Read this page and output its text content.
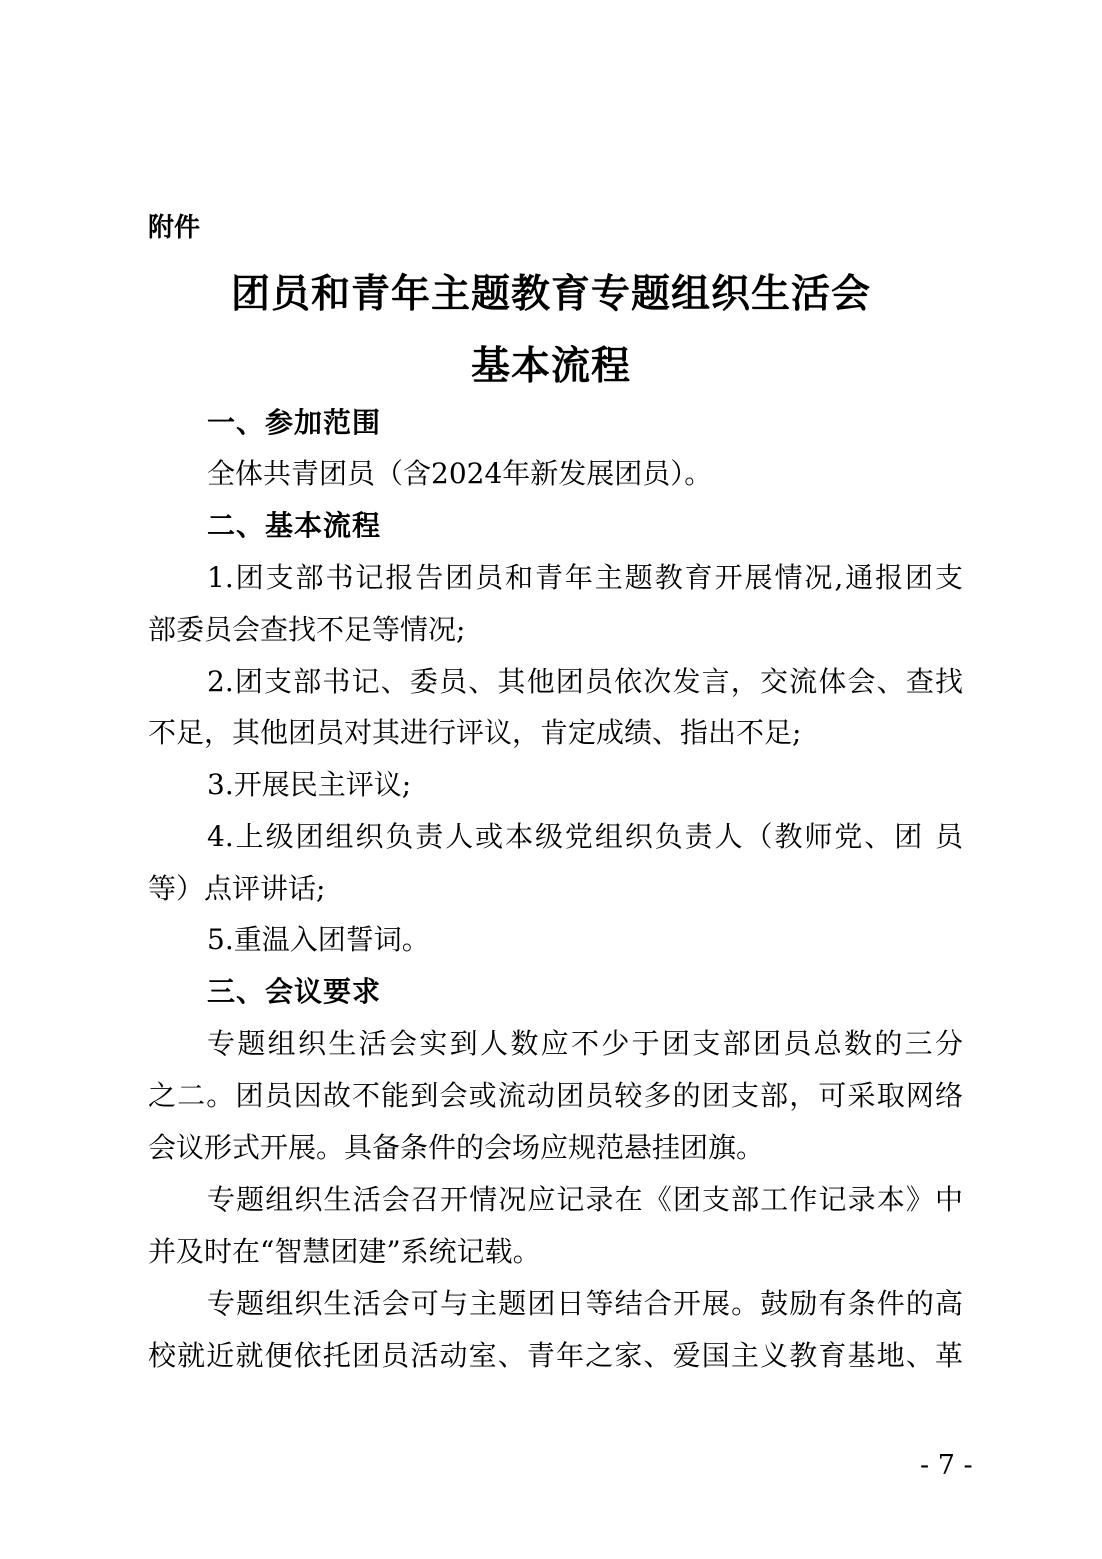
附件
团员和青年主题教育专题组织生活会
基本流程
一、参加范围
全体共青团员（含2024年新发展团员）。
二、基本流程
1.团支部书记报告团员和青年主题教育开展情况,通报团支
部委员会查找不足等情况;
2.团支部书记、委员、其他团员依次发言，交流体会、查找
不足，其他团员对其进行评议，肯定成绩、指出不足;
3.开展民主评议;
4.上级团组织负责人或本级党组织负责人（教师党、团 员
等）点评讲话;
5.重温入团誓词。
三、会议要求
专题组织生活会实到人数应不少于团支部团员总数的三分
之二。团员因故不能到会或流动团员较多的团支部，可采取网络
会议形式开展。具备条件的会场应规范悬挂团旗。
专题组织生活会召开情况应记录在《团支部工作记录本》中
并及时在“智慧团建”系统记载。
专题组织生活会可与主题团日等结合开展。鼓励有条件的高
校就近就便依托团员活动室、青年之家、爱国主义教育基地、革
- 7 -
